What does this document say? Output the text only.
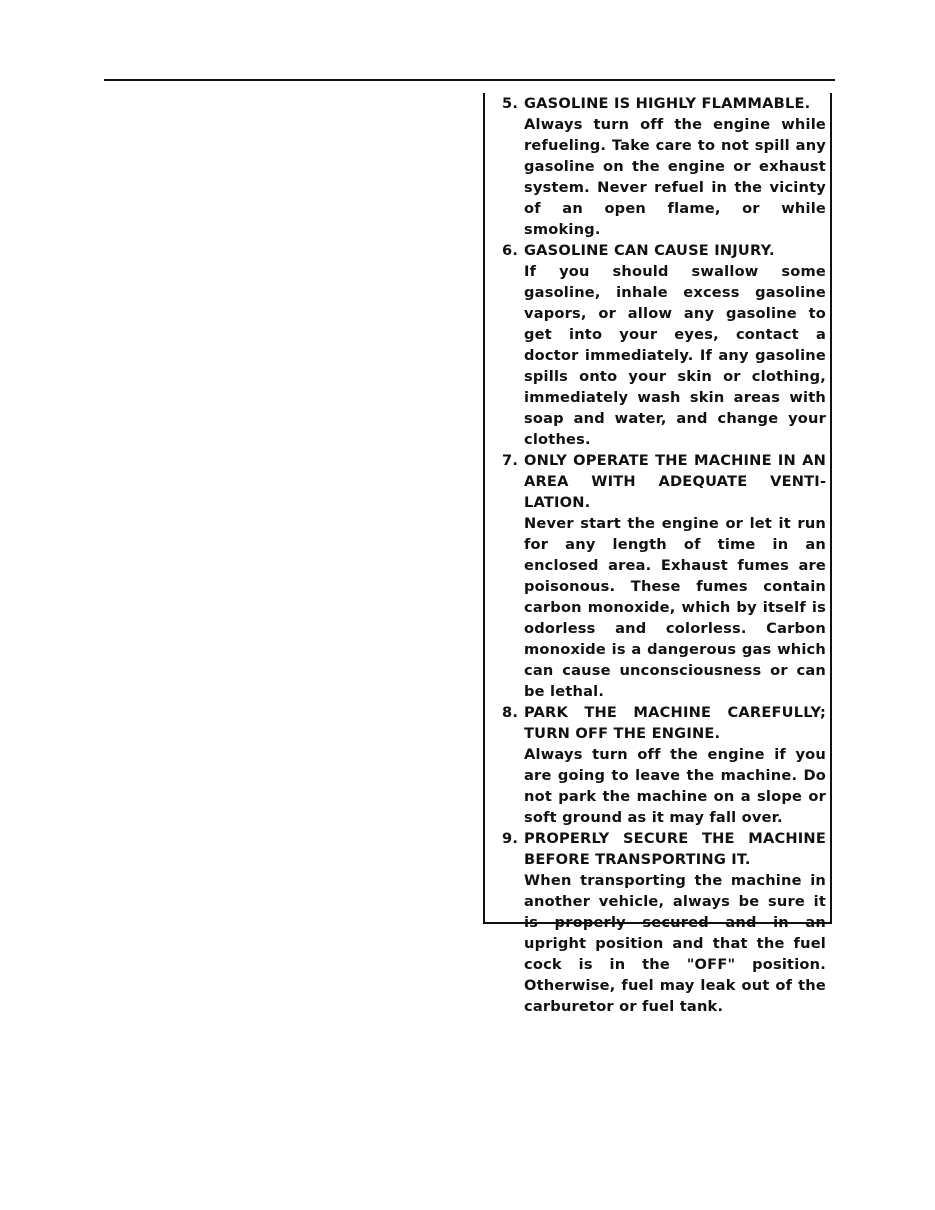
5. GASOLINE IS HIGHLY FLAMMABLE.
Always turn off the engine while refueling. Take care to not spill any gasoline on the engine or exhaust system. Never refuel in the vicinty of an open flame, or while smoking.
6. GASOLINE CAN CAUSE INJURY.
If you should swallow some gasoline, inhale excess gasoline vapors, or allow any gasoline to get into your eyes, contact a doctor immediately. If any gasoline spills onto your skin or clothing, immediately wash skin areas with soap and water, and change your clothes.
7. ONLY OPERATE THE MACHINE IN AN AREA WITH ADEQUATE VENTILATION.
Never start the engine or let it run for any length of time in an enclosed area. Exhaust fumes are poisonous. These fumes contain carbon monoxide, which by itself is odorless and colorless. Carbon monoxide is a dangerous gas which can cause unconsciousness or can be lethal.
8. PARK THE MACHINE CAREFULLY; TURN OFF THE ENGINE.
Always turn off the engine if you are going to leave the machine. Do not park the machine on a slope or soft ground as it may fall over.
9. PROPERLY SECURE THE MACHINE BEFORE TRANSPORTING IT.
When transporting the machine in another vehicle, always be sure it is properly secured and in an upright position and that the fuel cock is in the "OFF" position. Otherwise, fuel may leak out of the carburetor or fuel tank.
